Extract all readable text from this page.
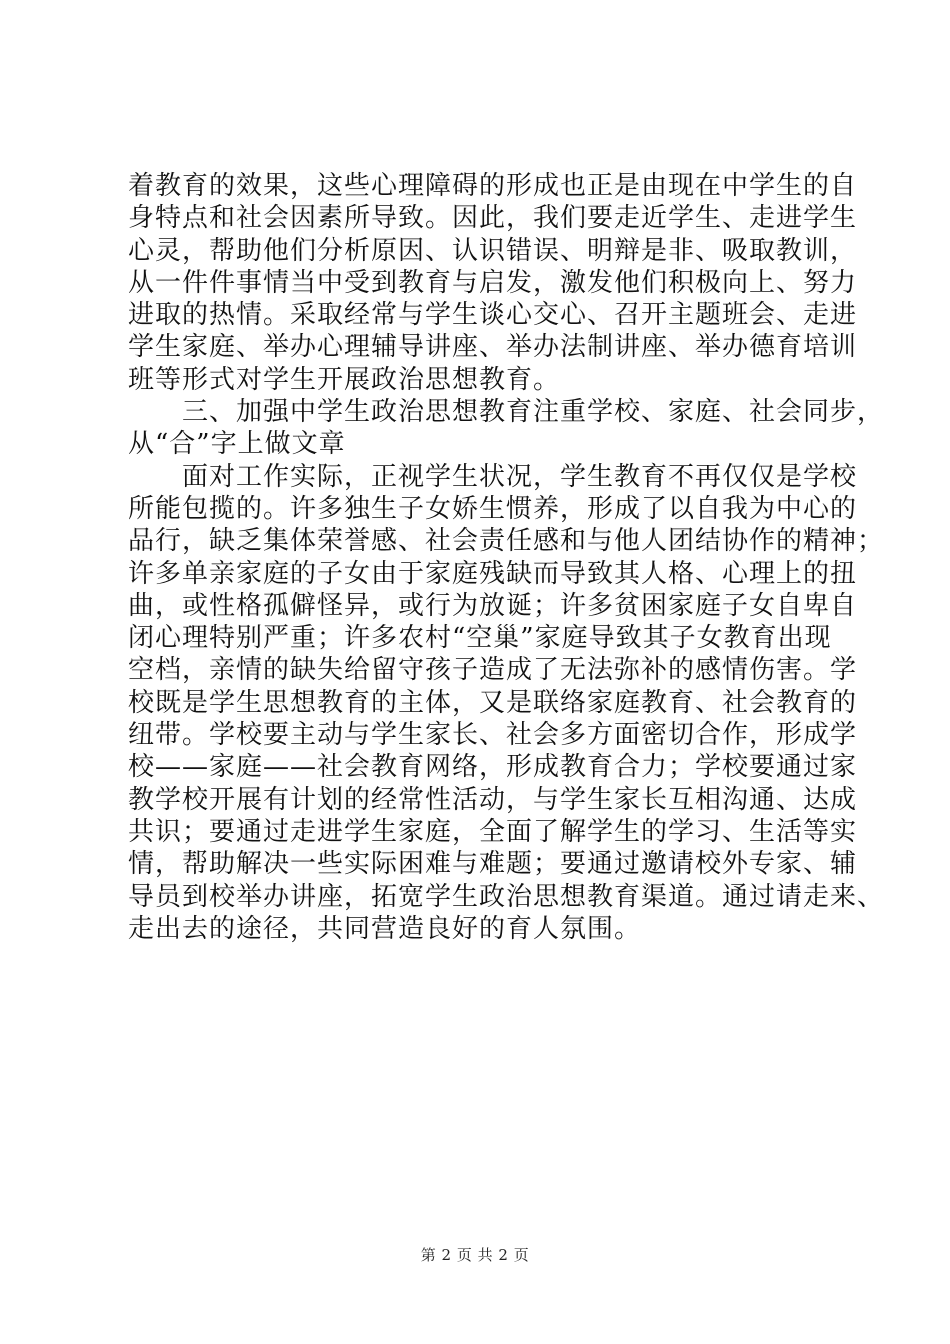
着教育的效果，这些心理障碍的形成也正是由现在中学生的自
身特点和社会因素所导致。因此，我们要走近学生、走进学生
心灵，帮助他们分析原因、认识错误、明辩是非、吸取教训，
从一件件事情当中受到教育与启发，激发他们积极向上、努力
进取的热情。采取经常与学生谈心交心、召开主题班会、走进
学生家庭、举办心理辅导讲座、举办法制讲座、举办德育培训
班等形式对学生开展政治思想教育。
　　三、加强中学生政治思想教育注重学校、家庭、社会同步，
从“合”字上做文章
　　面对工作实际，正视学生状况，学生教育不再仅仅是学校
所能包揽的。许多独生子女娇生惯养，形成了以自我为中心的
品行，缺乏集体荣誉感、社会责任感和与他人团结协作的精神；
许多单亲家庭的子女由于家庭残缺而导致其人格、心理上的扭
曲，或性格孤僻怪异，或行为放诞；许多贫困家庭子女自卑自
闭心理特别严重；许多农村“空巢”家庭导致其子女教育出现
空档，亲情的缺失给留守孩子造成了无法弥补的感情伤害。学
校既是学生思想教育的主体，又是联络家庭教育、社会教育的
纽带。学校要主动与学生家长、社会多方面密切合作，形成学
校——家庭——社会教育网络，形成教育合力；学校要通过家
教学校开展有计划的经常性活动，与学生家长互相沟通、达成
共识；要通过走进学生家庭，全面了解学生的学习、生活等实
情，帮助解决一些实际困难与难题；要通过邀请校外专家、辅
导员到校举办讲座，拓宽学生政治思想教育渠道。通过请走来、
走出去的途径，共同营造良好的育人氛围。
第 2 页 共 2 页
